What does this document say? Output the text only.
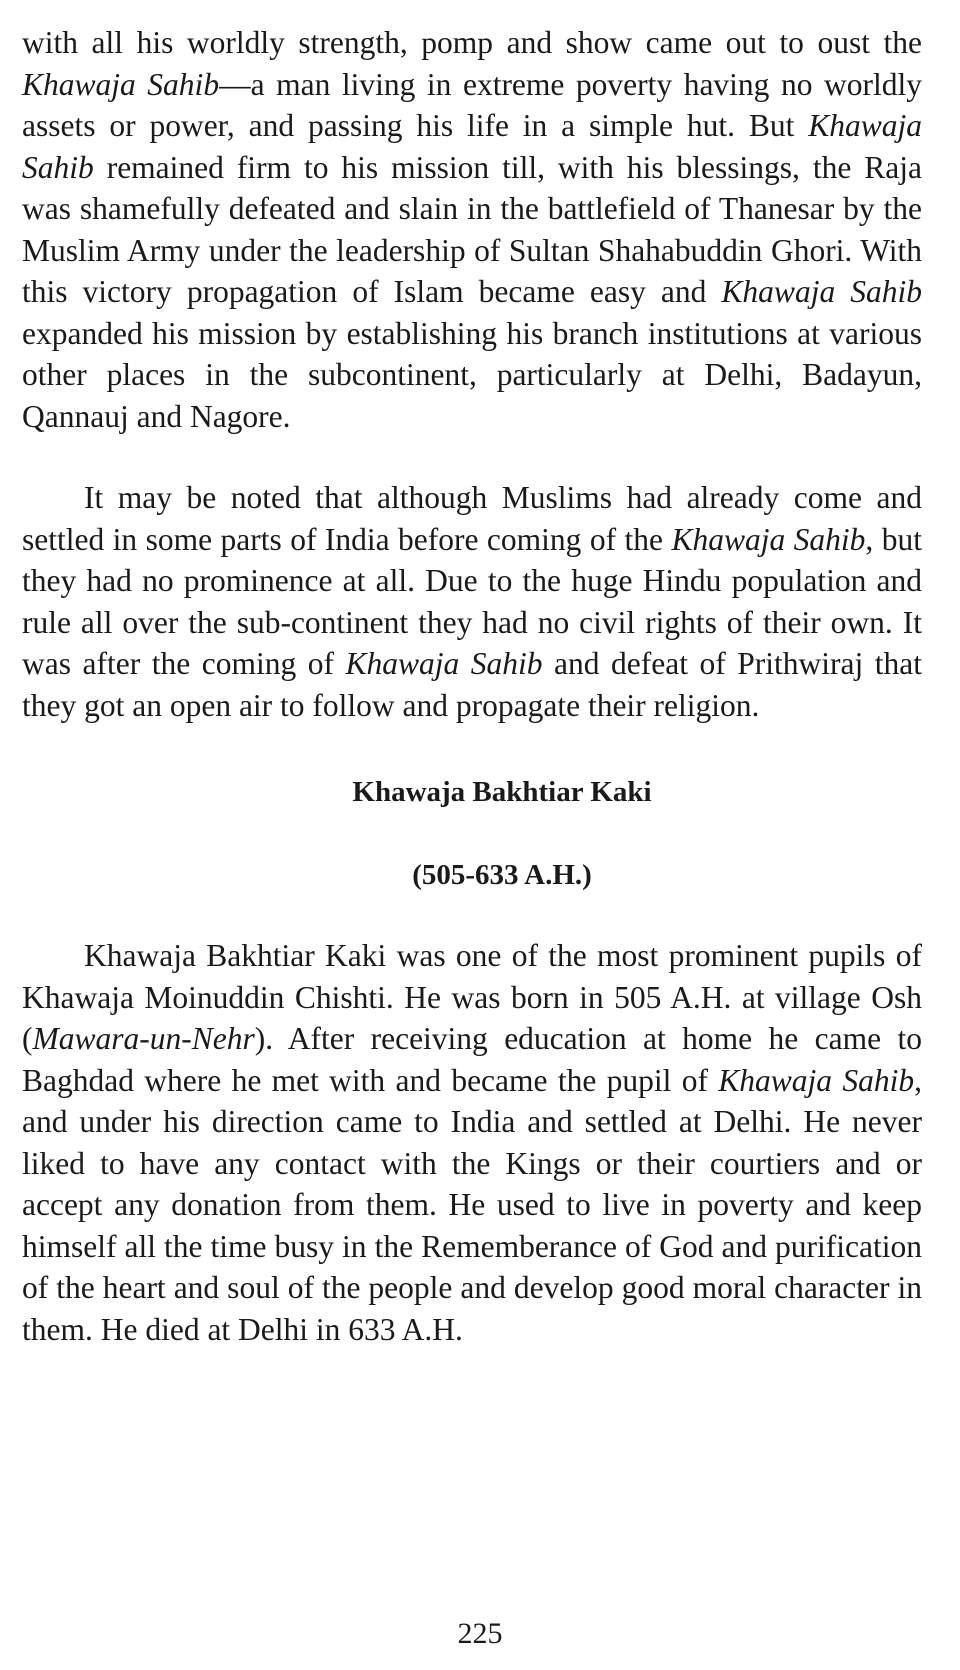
with all his worldly strength, pomp and show came out to oust the Khawaja Sahib—a man living in extreme poverty having no worldly assets or power, and passing his life in a simple hut. But Khawaja Sahib remained firm to his mission till, with his blessings, the Raja was shamefully defeated and slain in the battlefield of Thanesar by the Muslim Army under the leadership of Sultan Shahabuddin Ghori. With this victory propagation of Islam became easy and Khawaja Sahib expanded his mission by establishing his branch institutions at various other places in the subcontinent, particularly at Delhi, Badayun, Qannauj and Nagore.

It may be noted that although Muslims had already come and settled in some parts of India before coming of the Khawaja Sahib, but they had no prominence at all. Due to the huge Hindu population and rule all over the sub-continent they had no civil rights of their own. It was after the coming of Khawaja Sahib and defeat of Prithwiraj that they got an open air to follow and propagate their religion.

Khawaja Bakhtiar Kaki
(505-633 A.H.)

Khawaja Bakhtiar Kaki was one of the most prominent pupils of Khawaja Moinuddin Chishti. He was born in 505 A.H. at village Osh (Mawara-un-Nehr). After receiving education at home he came to Baghdad where he met with and became the pupil of Khawaja Sahib, and under his direction came to India and settled at Delhi. He never liked to have any contact with the Kings or their courtiers and or accept any donation from them. He used to live in poverty and keep himself all the time busy in the Rememberance of God and purification of the heart and soul of the people and develop good moral character in them. He died at Delhi in 633 A.H.

225
